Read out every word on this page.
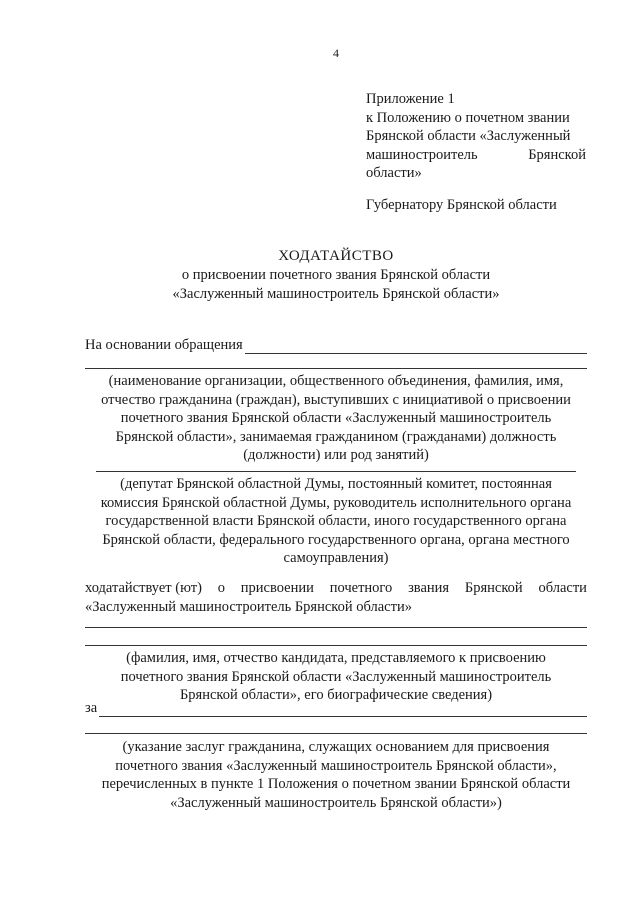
4
Приложение 1
к Положению о почетном звании
Брянской области «Заслуженный
машиностроитель	Брянской
области»
Губернатору Брянской области
ХОДАТАЙСТВО
о присвоении почетного звания Брянской области
«Заслуженный машиностроитель Брянской области»
На основании обращения
(наименование организации, общественного объединения, фамилия, имя,
отчество гражданина (граждан), выступивших с инициативой о присвоении
почетного звания Брянской области «Заслуженный машиностроитель
Брянской области», занимаемая гражданином (гражданами) должность
(должности) или род занятий)
(депутат Брянской областной Думы, постоянный комитет, постоянная
комиссия Брянской областной Думы, руководитель исполнительного органа
государственной власти Брянской области, иного государственного органа
Брянской области, федерального государственного органа, органа местного
самоуправления)
ходатайствует (ют) о присвоении почетного звания Брянской области
«Заслуженный машиностроитель Брянской области»
(фамилия, имя, отчество кандидата, представляемого к присвоению
почетного звания Брянской области «Заслуженный машиностроитель
Брянской области», его биографические сведения)
за
(указание заслуг гражданина, служащих основанием для присвоения
почетного звания «Заслуженный машиностроитель Брянской области»,
перечисленных в пункте 1 Положения о почетном звании Брянской области
«Заслуженный машиностроитель Брянской области»)
